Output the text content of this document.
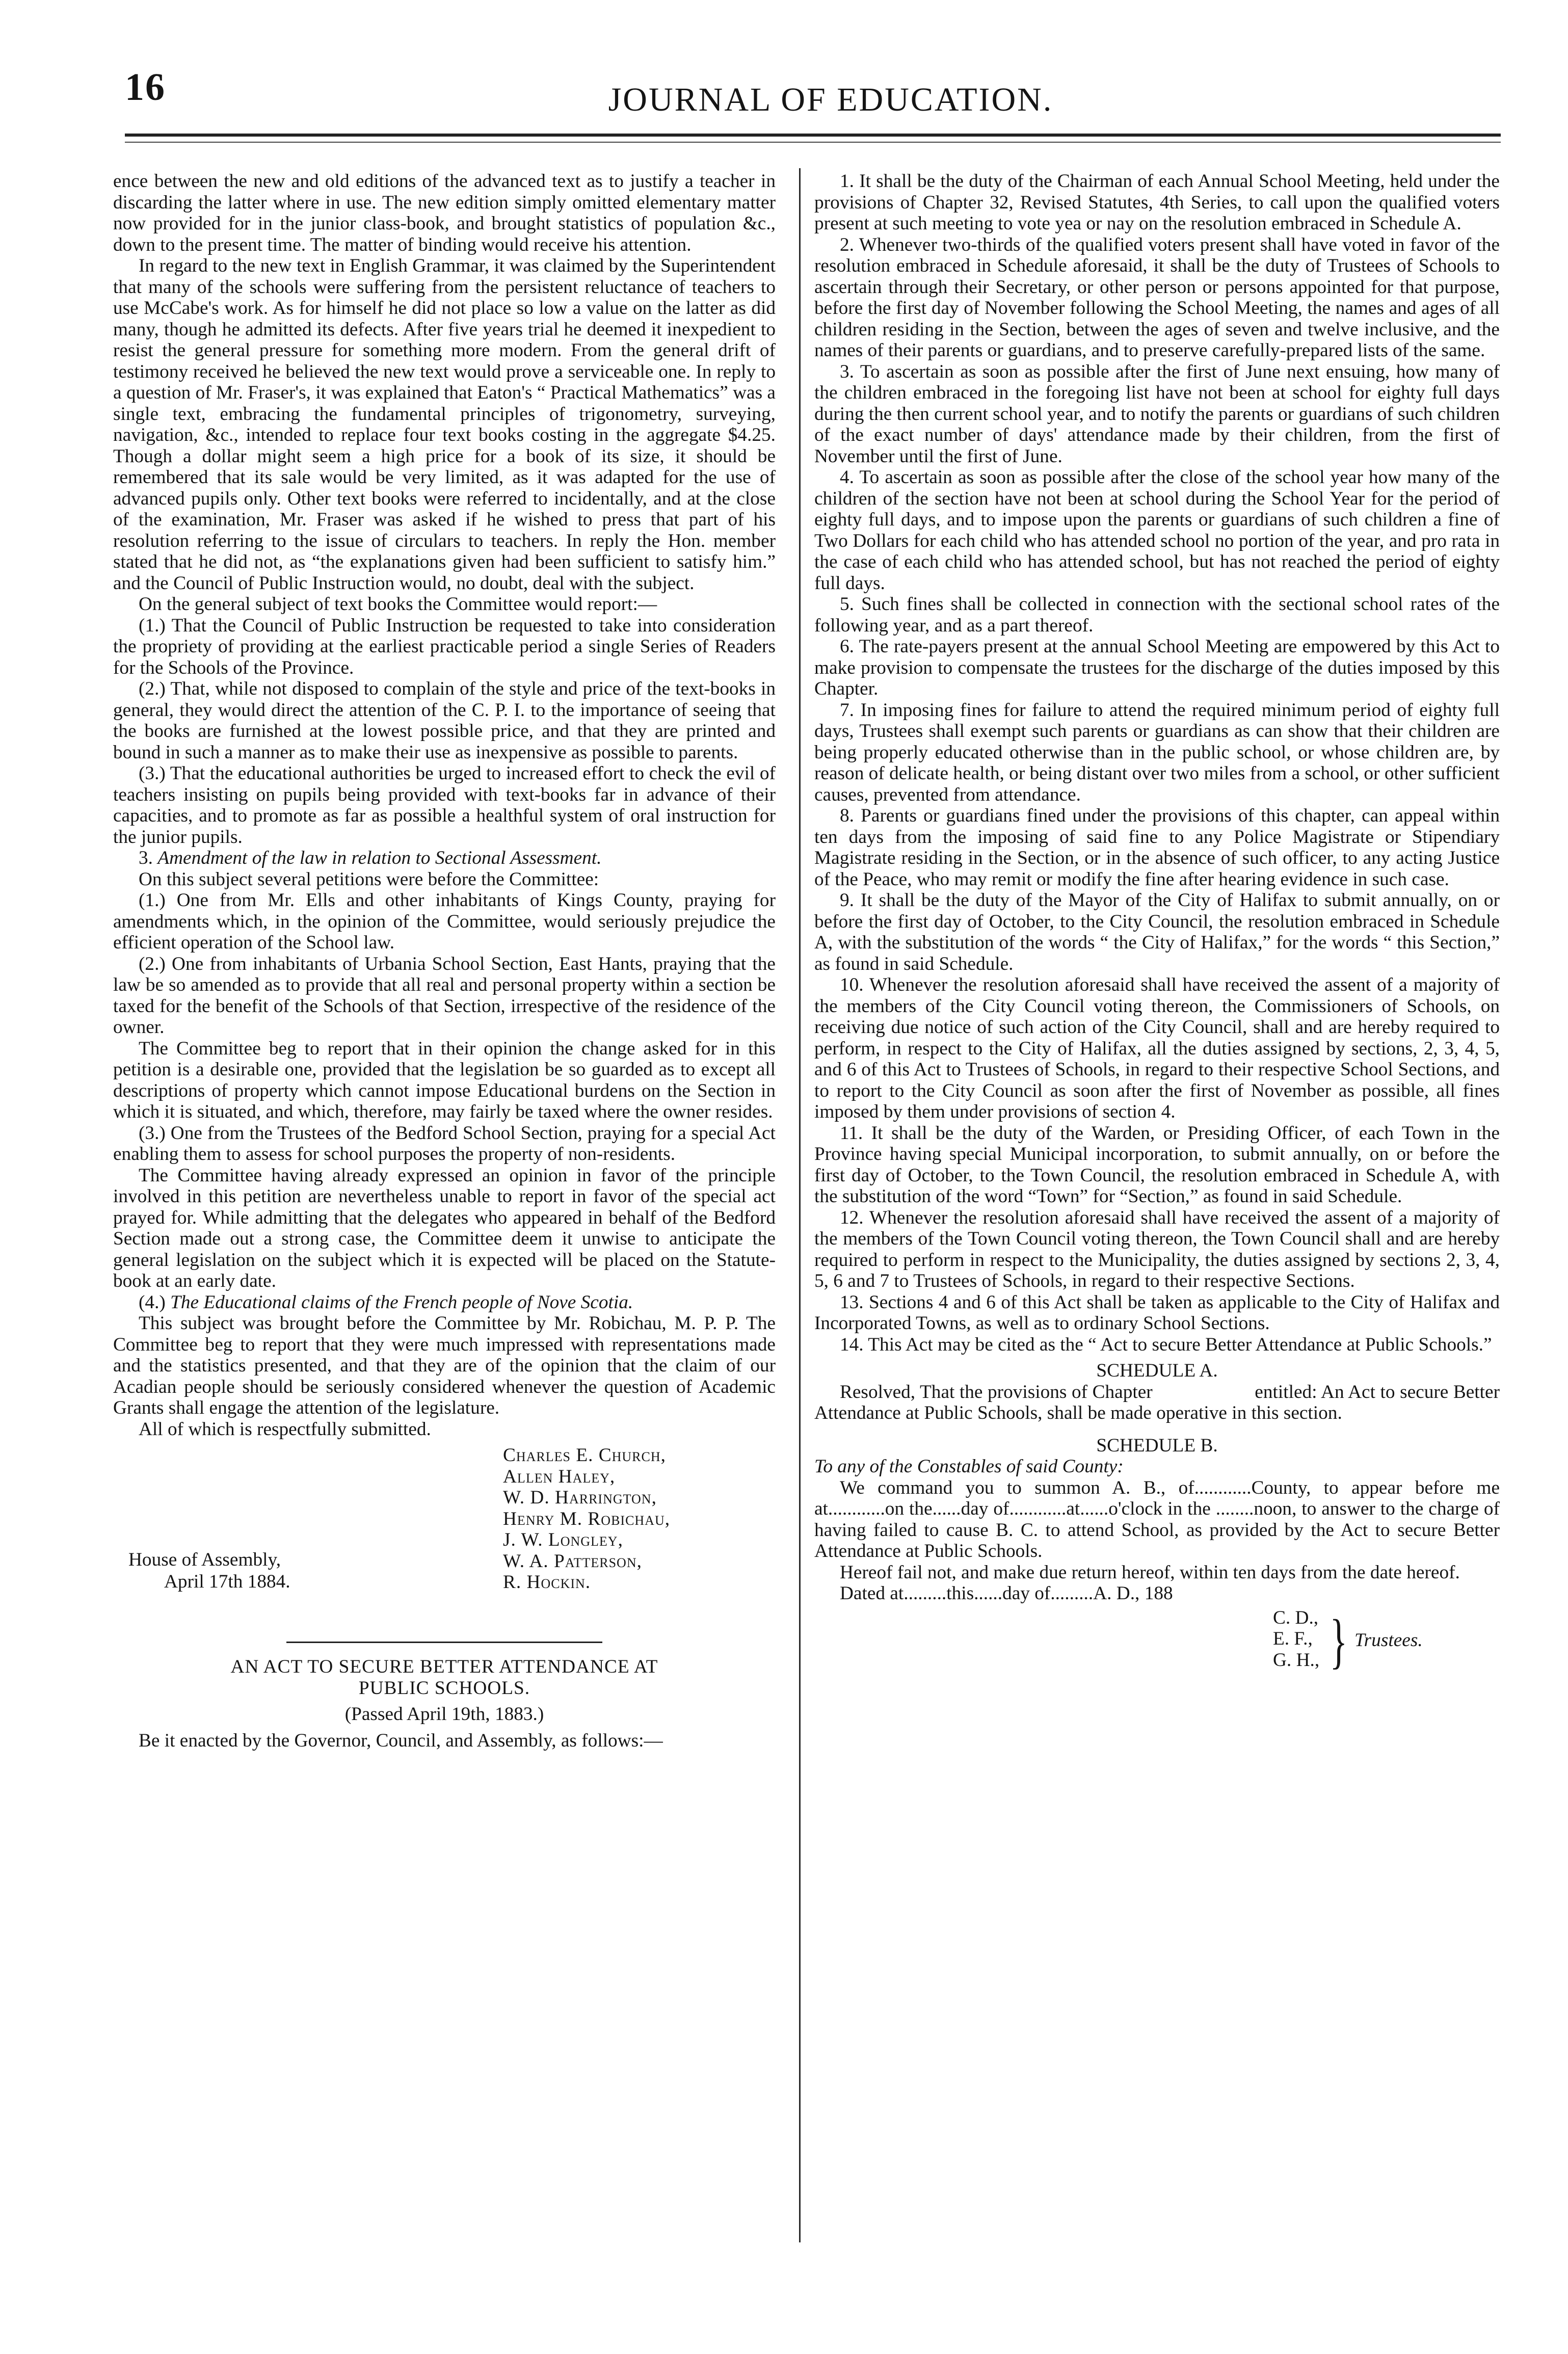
16	JOURNAL OF EDUCATION.

ence between the new and old editions of the advanced text as to justify a teacher in discarding the latter where in use. The new edition simply omitted elementary matter now provided for in the junior class-book, and brought statistics of population &c., down to the present time. The matter of binding would receive his attention.

In regard to the new text in English Grammar, it was claimed by the Superintendent that many of the schools were suffering from the persistent reluctance of teachers to use McCabe's work. As for himself he did not place so low a value on the latter as did many, though he admitted its defects. After five years trial he deemed it inexpedient to resist the general pressure for something more modern. From the general drift of testimony received he believed the new text would prove a serviceable one. In reply to a question of Mr. Fraser's, it was explained that Eaton's “ Practical Mathematics” was a single text, embracing the fundamental principles of trigonometry, surveying, navigation, &c., intended to replace four text books costing in the aggregate $4.25. Though a dollar might seem a high price for a book of its size, it should be remembered that its sale would be very limited, as it was adapted for the use of advanced pupils only. Other text books were referred to incidentally, and at the close of the examination, Mr. Fraser was asked if he wished to press that part of his resolution referring to the issue of circulars to teachers. In reply the Hon. member stated that he did not, as “the explanations given had been sufficient to satisfy him.” and the Council of Public Instruction would, no doubt, deal with the subject.

On the general subject of text books the Committee would report:—

(1.) That the Council of Public Instruction be requested to take into consideration the propriety of providing at the earliest practicable period a single Series of Readers for the Schools of the Province.

(2.) That, while not disposed to complain of the style and price of the text-books in general, they would direct the attention of the C. P. I. to the importance of seeing that the books are furnished at the lowest possible price, and that they are printed and bound in such a manner as to make their use as inexpensive as possible to parents.

(3.) That the educational authorities be urged to increased effort to check the evil of teachers insisting on pupils being provided with text-books far in advance of their capacities, and to promote as far as possible a healthful system of oral instruction for the junior pupils.

3. Amendment of the law in relation to Sectional Assessment.

On this subject several petitions were before the Committee:

(1.) One from Mr. Ells and other inhabitants of Kings County, praying for amendments which, in the opinion of the Committee, would seriously prejudice the efficient operation of the School law.

(2.) One from inhabitants of Urbania School Section, East Hants, praying that the law be so amended as to provide that all real and personal property within a section be taxed for the benefit of the Schools of that Section, irrespective of the residence of the owner.

The Committee beg to report that in their opinion the change asked for in this petition is a desirable one, provided that the legislation be so guarded as to except all descriptions of property which cannot impose Educational burdens on the Section in which it is situated, and which, therefore, may fairly be taxed where the owner resides.

(3.) One from the Trustees of the Bedford School Section, praying for a special Act enabling them to assess for school purposes the property of non-residents.

The Committee having already expressed an opinion in favor of the principle involved in this petition are nevertheless unable to report in favor of the special act prayed for. While admitting that the delegates who appeared in behalf of the Bedford Section made out a strong case, the Committee deem it unwise to anticipate the general legislation on the subject which it is expected will be placed on the Statute-book at an early date.

(4.) The Educational claims of the French people of Nove Scotia.

This subject was brought before the Committee by Mr. Robichau, M. P. P. The Committee beg to report that they were much impressed with representations made and the statistics presented, and that they are of the opinion that the claim of our Acadian people should be seriously considered whenever the question of Academic Grants shall engage the attention of the legislature.

All of which is respectfully submitted.

Charles E. Church,
Allen Haley,
W. D. Harrington,
Henry M. Robichau,
J. W. Longley,
W. A. Patterson,
R. Hockin.
House of Assembly,
April 17th 1884.

AN ACT TO SECURE BETTER ATTENDANCE AT

PUBLIC SCHOOLS.

(Passed April 19th, 1883.)

Be it enacted by the Governor, Council, and Assembly, as follows:—

1. It shall be the duty of the Chairman of each Annual School Meeting, held under the provisions of Chapter 32, Revised Statutes, 4th Series, to call upon the qualified voters present at such meeting to vote yea or nay on the resolution embraced in Schedule A.

2. Whenever two-thirds of the qualified voters present shall have voted in favor of the resolution embraced in Schedule aforesaid, it shall be the duty of Trustees of Schools to ascertain through their Secretary, or other person or persons appointed for that purpose, before the first day of November following the School Meeting, the names and ages of all children residing in the Section, between the ages of seven and twelve inclusive, and the names of their parents or guardians, and to preserve carefully-prepared lists of the same.

3. To ascertain as soon as possible after the first of June next ensuing, how many of the children embraced in the foregoing list have not been at school for eighty full days during the then current school year, and to notify the parents or guardians of such children of the exact number of days' attendance made by their children, from the first of November until the first of June.

4. To ascertain as soon as possible after the close of the school year how many of the children of the section have not been at school during the School Year for the period of eighty full days, and to impose upon the parents or guardians of such children a fine of Two Dollars for each child who has attended school no portion of the year, and pro rata in the case of each child who has attended school, but has not reached the period of eighty full days.

5. Such fines shall be collected in connection with the sectional school rates of the following year, and as a part thereof.

6. The rate-payers present at the annual School Meeting are empowered by this Act to make provision to compensate the trustees for the discharge of the duties imposed by this Chapter.

7. In imposing fines for failure to attend the required minimum period of eighty full days, Trustees shall exempt such parents or guardians as can show that their children are being properly educated otherwise than in the public school, or whose children are, by reason of delicate health, or being distant over two miles from a school, or other sufficient causes, prevented from attendance.

8. Parents or guardians fined under the provisions of this chapter, can appeal within ten days from the imposing of said fine to any Police Magistrate or Stipendiary Magistrate residing in the Section, or in the absence of such officer, to any acting Justice of the Peace, who may remit or modify the fine after hearing evidence in such case.

9. It shall be the duty of the Mayor of the City of Halifax to submit annually, on or before the first day of October, to the City Council, the resolution embraced in Schedule A, with the substitution of the words “ the City of Halifax,” for the words “ this Section,” as found in said Schedule.

10. Whenever the resolution aforesaid shall have received the assent of a majority of the members of the City Council voting thereon, the Commissioners of Schools, on receiving due notice of such action of the City Council, shall and are hereby required to perform, in respect to the City of Halifax, all the duties assigned by sections, 2, 3, 4, 5, and 6 of this Act to Trustees of Schools, in regard to their respective School Sections, and to report to the City Council as soon after the first of November as possible, all fines imposed by them under provisions of section 4.

11. It shall be the duty of the Warden, or Presiding Officer, of each Town in the Province having special Municipal incorporation, to submit annually, on or before the first day of October, to the Town Council, the resolution embraced in Schedule A, with the substitution of the word “Town” for “Section,” as found in said Schedule.

12. Whenever the resolution aforesaid shall have received the assent of a majority of the members of the Town Council voting thereon, the Town Council shall and are hereby required to perform in respect to the Municipality, the duties assigned by sections 2, 3, 4, 5, 6 and 7 to Trustees of Schools, in regard to their respective Sections.

13. Sections 4 and 6 of this Act shall be taken as applicable to the City of Halifax and Incorporated Towns, as well as to ordinary School Sections.

14. This Act may be cited as the “ Act to secure Better Attendance at Public Schools.”

SCHEDULE A.

Resolved, That the provisions of Chapter                     entitled: An Act to secure Better Attendance at Public Schools, shall be made operative in this section.

SCHEDULE B.

To any of the Constables of said County:

We command you to summon A. B., of............County, to appear before me at............on the......day of............at......o'clock in the ........noon, to answer to the charge of having failed to cause B. C. to attend School, as provided by the Act to secure Better Attendance at Public Schools.

Hereof fail not, and make due return hereof, within ten days from the date hereof.

Dated at.........this......day of.........A. D., 188

C. D.,
E. F.,
G. H., } Trustees.
